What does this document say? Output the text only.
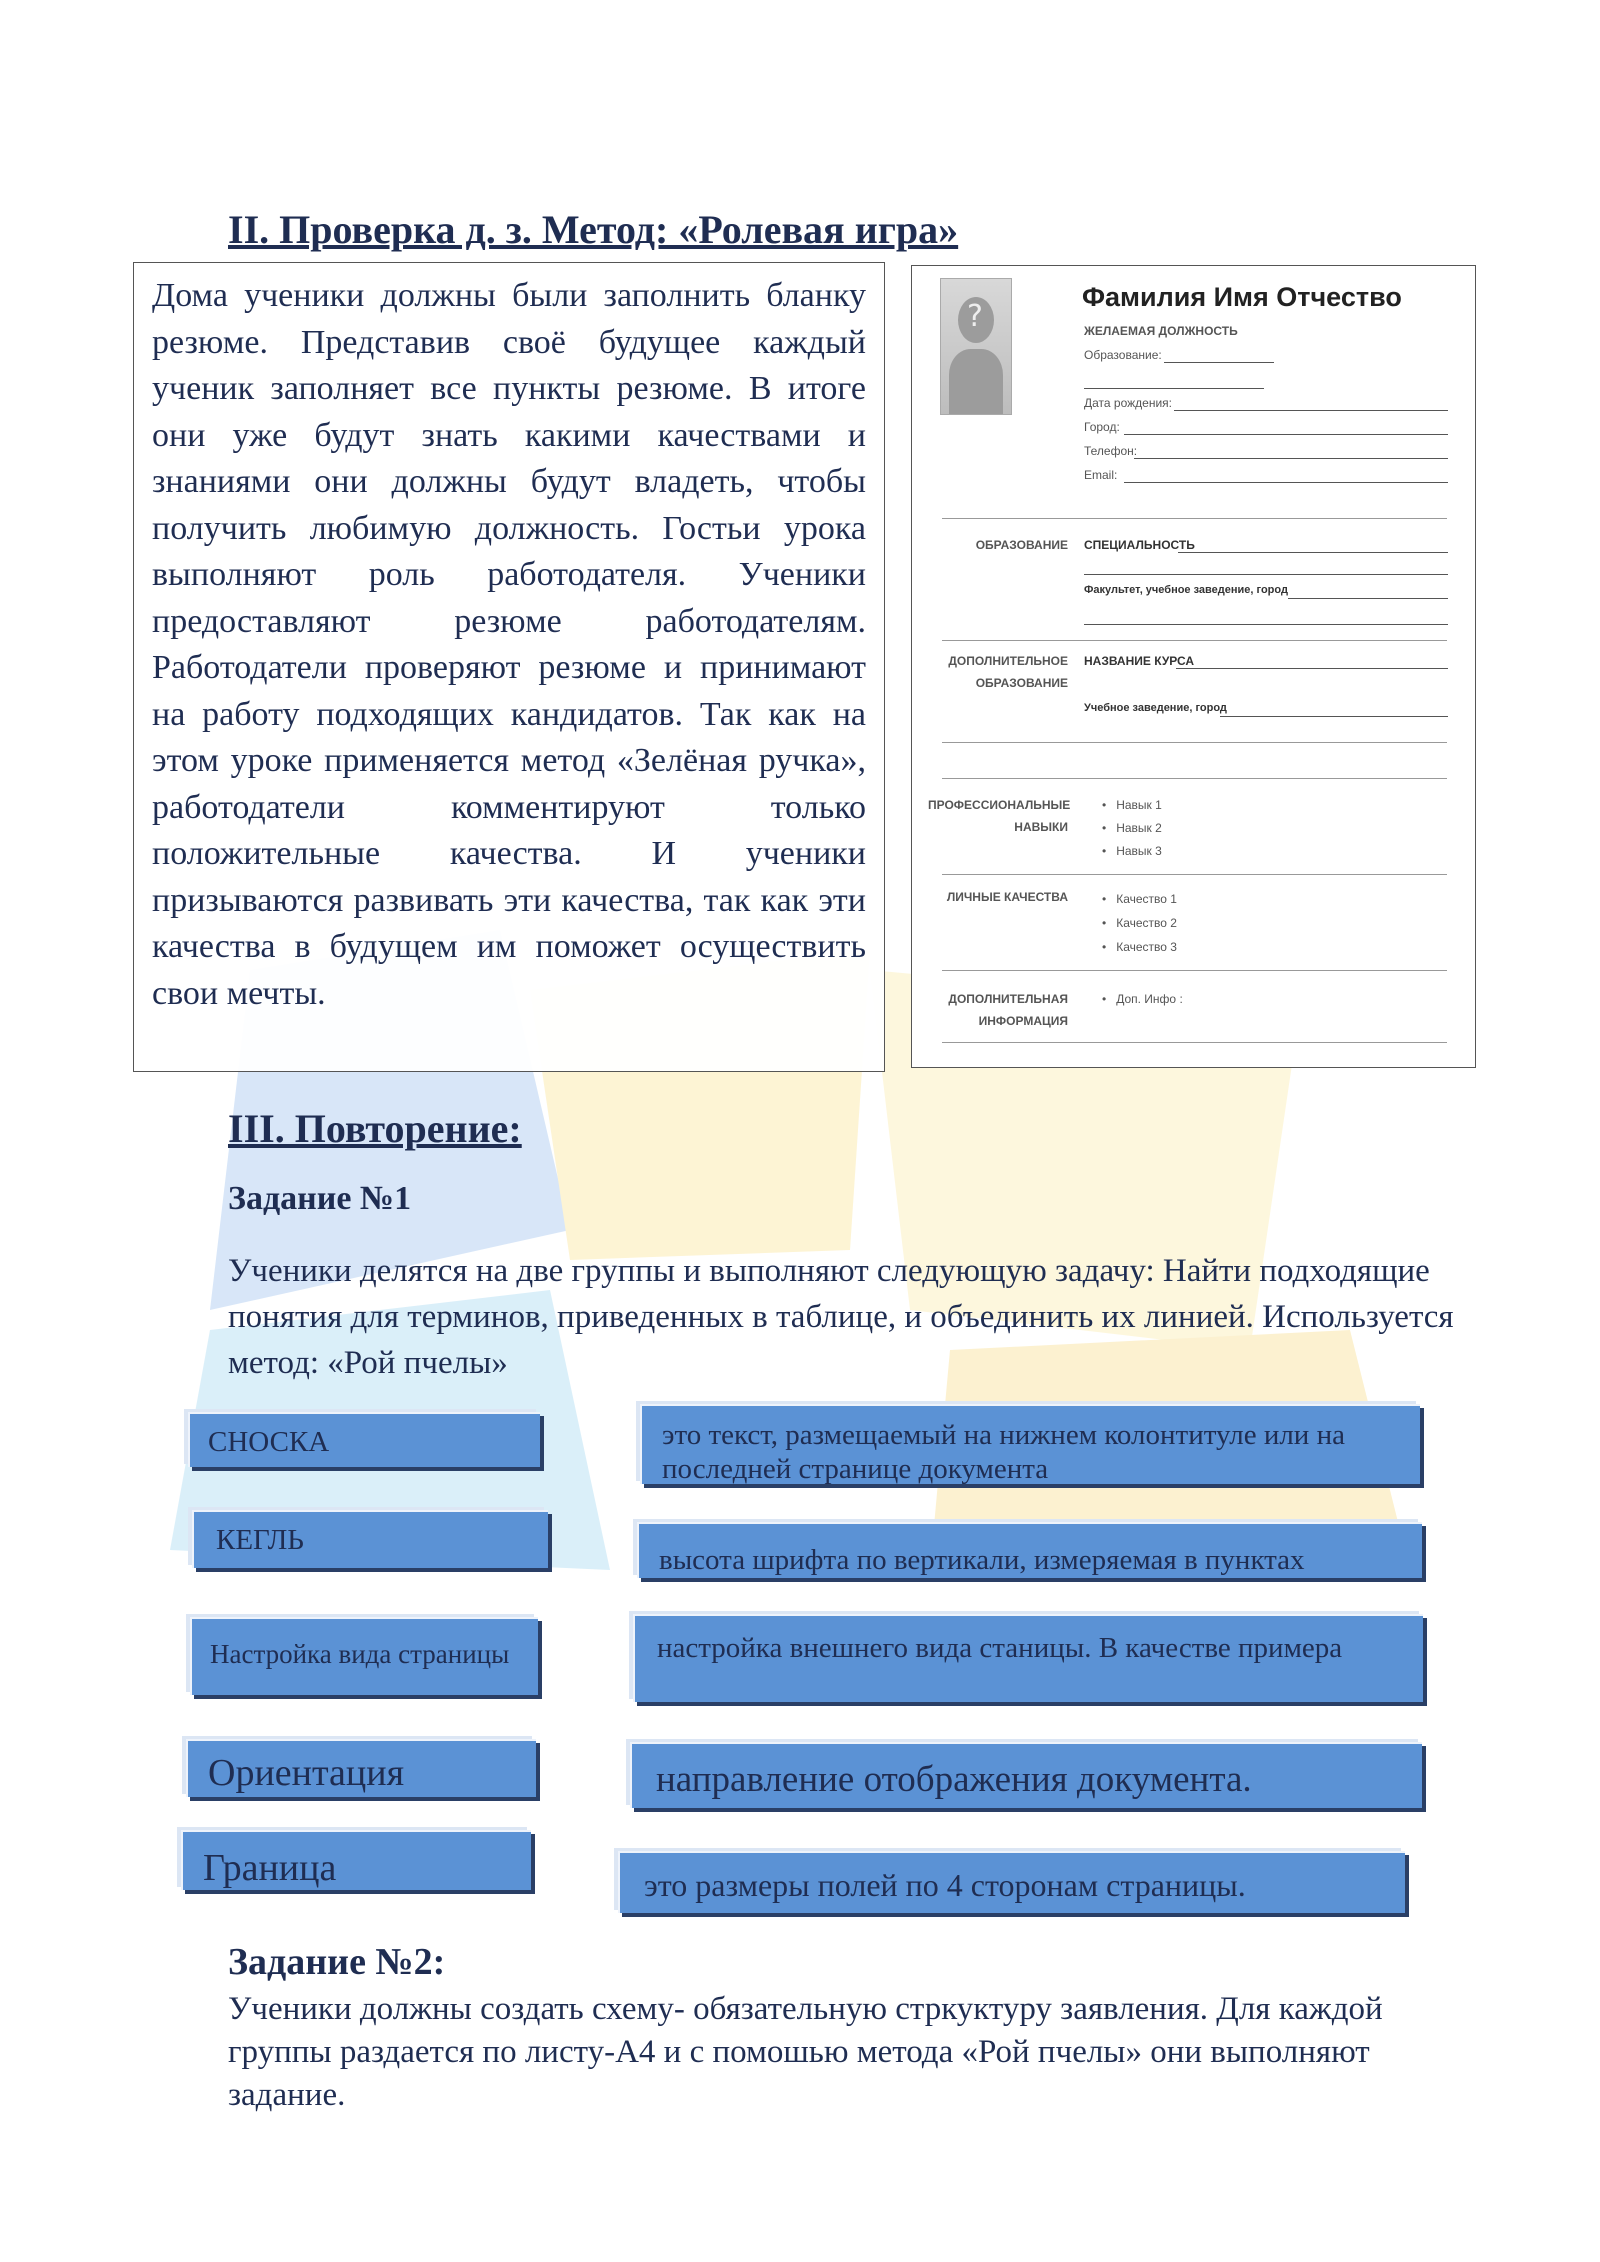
II. Проверка д. з. Метод: «Ролевая игра»

Дома ученики должны были заполнить бланку резюме. Представив своё будущее каждый ученик заполняет все пункты резюме. В итоге они уже будут знать какими качествами и знаниями они должны будут владеть, чтобы получить любимую должность. Гостьи урока выполняют роль работодателя. Ученики предоставляют резюме работодателям. Работодатели проверяют резюме и принимают на работу подходящих кандидатов. Так как на этом уроке применяется метод «Зелёная ручка», работодатели комментируют только положительные качества. И ученики призываются развивать эти качества, так как эти качества в будущем им поможет осуществить свои мечты.

?
Фамилия Имя Отчество
ЖЕЛАЕМАЯ ДОЛЖНОСТЬ
Образование:
Дата рождения:
Город:
Телефон:
Email:
ОБРАЗОВАНИЕ СПЕЦИАЛЬНОСТЬ
Факультет, учебное заведение, город
ДОПОЛНИТЕЛЬНОЕ
ОБРАЗОВАНИЕ
НАЗВАНИЕ КУРСА
Учебное заведение, город
ПРОФЕССИОНАЛЬНЫЕ
НАВЫКИ
• Навык 1
• Навык 2
• Навык 3
ЛИЧНЫЕ КАЧЕСТВА
•	Качество 1
• Качество 2
• Качество 3
ДОПОЛНИТЕЛЬНАЯ
ИНФОРМАЦИЯ
• Доп. Инфо :
III. Повторение:
Задание №1
Ученики делятся на две группы и выполняют следующую задачу: Найти подходящие понятия для терминов, приведенных в таблице, и объединить их линией. Используется метод: «Рой пчелы»
СНОСКА
КЕГЛЬ
Настройка вида страницы
Ориентация
Граница
это текст, размещаемый на нижнем колонтитуле или на последней странице документа
высота шрифта по вертикали, измеряемая в пунктах
настройка внешнего вида станицы. В качестве примера
направление отображения документа.
это размеры полей по 4 сторонам страницы.
Задание №2:
Ученики должны создать схему- обязательную стркуктуру заявления. Для каждой группы раздается по листу-А4 и с помошью метода «Рой пчелы» они выполняют задание.
